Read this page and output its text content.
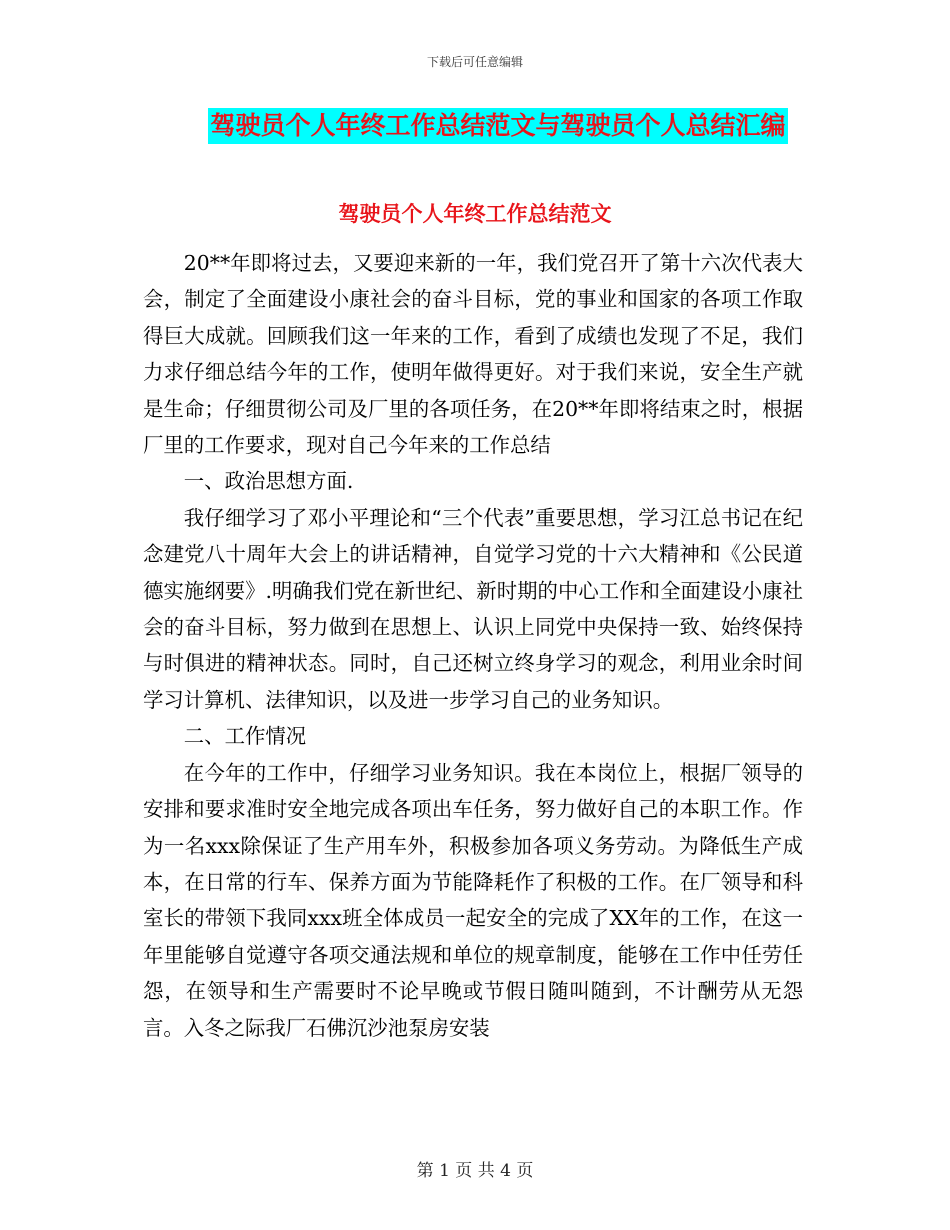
下载后可任意编辑
驾驶员个人年终工作总结范文与驾驶员个人总结汇编
驾驶员个人年终工作总结范文

20**年即将过去，又要迎来新的一年，我们党召开了第十六次代表大会，制定了全面建设小康社会的奋斗目标，党的事业和国家的各项工作取得巨大成就。回顾我们这一年来的工作，看到了成绩也发现了不足，我们力求仔细总结今年的工作，使明年做得更好。对于我们来说，安全生产就是生命；仔细贯彻公司及厂里的各项任务，在20**年即将结束之时，根据厂里的工作要求，现对自己今年来的工作总结

一、政治思想方面.

我仔细学习了邓小平理论和“三个代表”重要思想，学习江总书记在纪念建党八十周年大会上的讲话精神，自觉学习党的十六大精神和《公民道德实施纲要》.明确我们党在新世纪、新时期的中心工作和全面建设小康社会的奋斗目标，努力做到在思想上、认识上同党中央保持一致、始终保持与时俱进的精神状态。同时，自己还树立终身学习的观念，利用业余时间学习计算机、法律知识，以及进一步学习自己的业务知识。

二、工作情况

在今年的工作中，仔细学习业务知识。我在本岗位上，根据厂领导的安排和要求准时安全地完成各项出车任务，努力做好自己的本职工作。作为一名xxx除保证了生产用车外，积极参加各项义务劳动。为降低生产成本，在日常的行车、保养方面为节能降耗作了积极的工作。在厂领导和科室长的带领下我同xxx班全体成员一起安全的完成了XX年的工作，在这一年里能够自觉遵守各项交通法规和单位的规章制度，能够在工作中任劳任怨，在领导和生产需要时不论早晚或节假日随叫随到，不计酬劳从无怨言。入冬之际我厂石佛沉沙池泵房安装

第 1 页 共 4 页
